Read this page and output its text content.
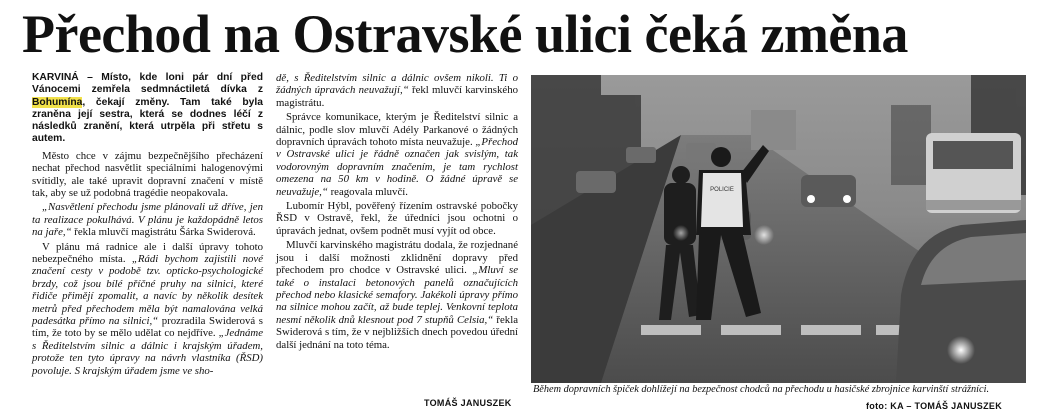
Přechod na Ostravské ulici čeká změna
KARVINÁ – Místo, kde loni pár dní před Vánocemi zemřela sedmnáctiletá dívka z Bohumína, čekají změny. Tam také byla zraněna její sestra, která se dodnes léčí z následků zranění, která utrpěla při střetu s autem.

Město chce v zájmu bezpečnějšího přecházení nechat přechod nasvětlit speciálními halogenovými svítidly, ale také upravit dopravní značení v místě tak, aby se už podobná tragédie neopakovala.

„Nasvětlení přechodu jsme plánovali už dříve, jen ta realizace pokulhává. V plánu je každopádně letos na jaře,“ řekla mluvčí magistrátu Šárka Swiderová.

V plánu má radnice ale i další úpravy tohoto nebezpečného místa. „Rádi bychom zajistili nové značení cesty v podobě tzv. opticko-psychologické brzdy, což jsou bílé příčné pruhy na silnici, které řidiče přimějí zpomalit, a navíc by několik desítek metrů před přechodem měla být namalována velká padesátka přímo na silnici,“ prozradila Swiderová s tím, že toto by se mělo udělat co nejdříve. „Jednáme s Ředitelstvím silnic a dálnic i krajským úřadem, protože ten tyto úpravy na návrh vlastníka (ŘSD) povoluje. S krajským úřadem jsme ve sho-

dě, s Ředitelstvím silnic a dálnic ovšem nikoli. Ti o žádných úpravách neuvažují,“ řekl mluvčí karvinského magistrátu.

Správce komunikace, kterým je Ředitelství silnic a dálnic, podle slov mluvčí Adély Parkanové o žádných dopravních úpravách tohoto místa neuvažuje. „Přechod v Ostravské ulici je řádně označen jak svislým, tak vodorovným dopravním značením, je tam rychlost omezena na 50 km v hodině. O žádné úpravě se neuvažuje,“ reagovala mluvčí.

Lubomír Hýbl, pověřený řízením ostravské pobočky ŘSD v Ostravě, řekl, že úředníci jsou ochotni o úpravách jednat, ovšem podnět musí vyjít od obce.

Mluvčí karvinského magistrátu dodala, že rozjednané jsou i další možnosti zklidnění dopravy před přechodem pro chodce v Ostravské ulici. „Mluví se také o instalaci betonových panelů označujících přechod nebo klasické semafory. Jakékoli úpravy přímo na silnice mohou začít, až bude teplej. Venkovní teplota nesmí několik dnů klesnout pod 7 stupňů Celsia,“ řekla Swiderová s tím, že v nejbližších dnech povedou úřední další jednání na toto téma.

TOMÁŠ JANUSZEK
POLICIE
Během dopravních špiček dohlížejí na bezpečnost chodců na přechodu u hasičské zbrojnice karvinští strážníci.
foto: KA – TOMÁŠ JANUSZEK
